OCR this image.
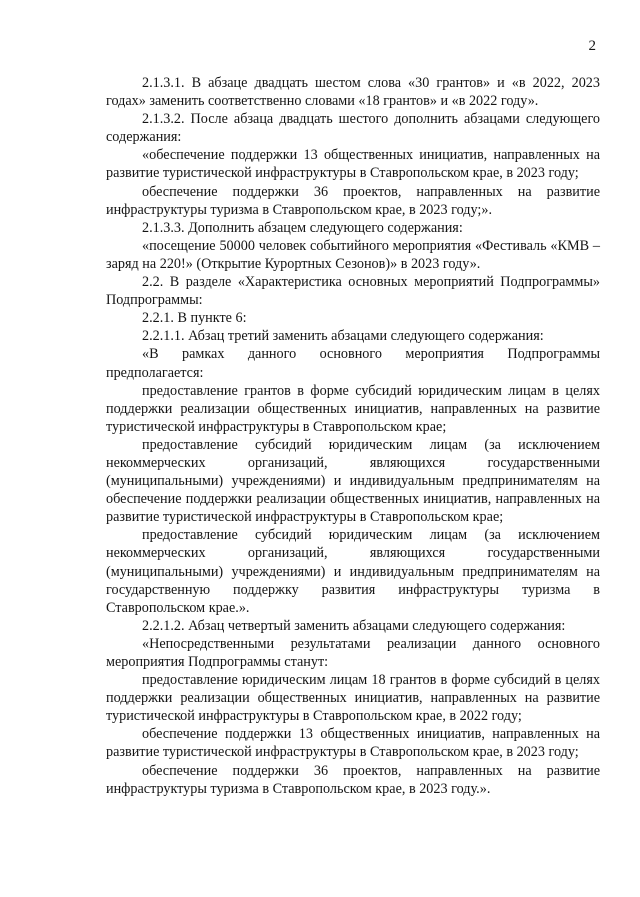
2

2.1.3.1. В абзаце двадцать шестом слова «30 грантов» и «в 2022, 2023 годах» заменить соответственно словами «18 грантов» и «в 2022 году».

2.1.3.2. После абзаца двадцать шестого дополнить абзацами следующего содержания:

«обеспечение поддержки 13 общественных инициатив, направленных на развитие туристической инфраструктуры в Ставропольском крае, в 2023 году;

обеспечение поддержки 36 проектов, направленных на развитие инфраструктуры туризма в Ставропольском крае, в 2023 году;».

2.1.3.3. Дополнить абзацем следующего содержания:

«посещение 50000 человек событийного мероприятия «Фестиваль «КМВ – заряд на 220!» (Открытие Курортных Сезонов)» в 2023 году».

2.2. В разделе «Характеристика основных мероприятий Подпрограммы» Подпрограммы:

2.2.1. В пункте 6:

2.2.1.1. Абзац третий заменить абзацами следующего содержания:

«В рамках данного основного мероприятия Подпрограммы предполагается:

предоставление грантов в форме субсидий юридическим лицам в целях поддержки реализации общественных инициатив, направленных на развитие туристической инфраструктуры в Ставропольском крае;

предоставление субсидий юридическим лицам (за исключением некоммерческих организаций, являющихся государственными (муниципальными) учреждениями) и индивидуальным предпринимателям на обеспечение поддержки реализации общественных инициатив, направленных на развитие туристической инфраструктуры в Ставропольском крае;

предоставление субсидий юридическим лицам (за исключением некоммерческих организаций, являющихся государственными (муниципальными) учреждениями) и индивидуальным предпринимателям на государственную поддержку развития инфраструктуры туризма в Ставропольском крае.».

2.2.1.2. Абзац четвертый заменить абзацами следующего содержания:

«Непосредственными результатами реализации данного основного мероприятия Подпрограммы станут:

предоставление юридическим лицам 18 грантов в форме субсидий в целях поддержки реализации общественных инициатив, направленных на развитие туристической инфраструктуры в Ставропольском крае, в 2022 году;

обеспечение поддержки 13 общественных инициатив, направленных на развитие туристической инфраструктуры в Ставропольском крае, в 2023 году;

обеспечение поддержки 36 проектов, направленных на развитие инфраструктуры туризма в Ставропольском крае, в 2023 году.».
